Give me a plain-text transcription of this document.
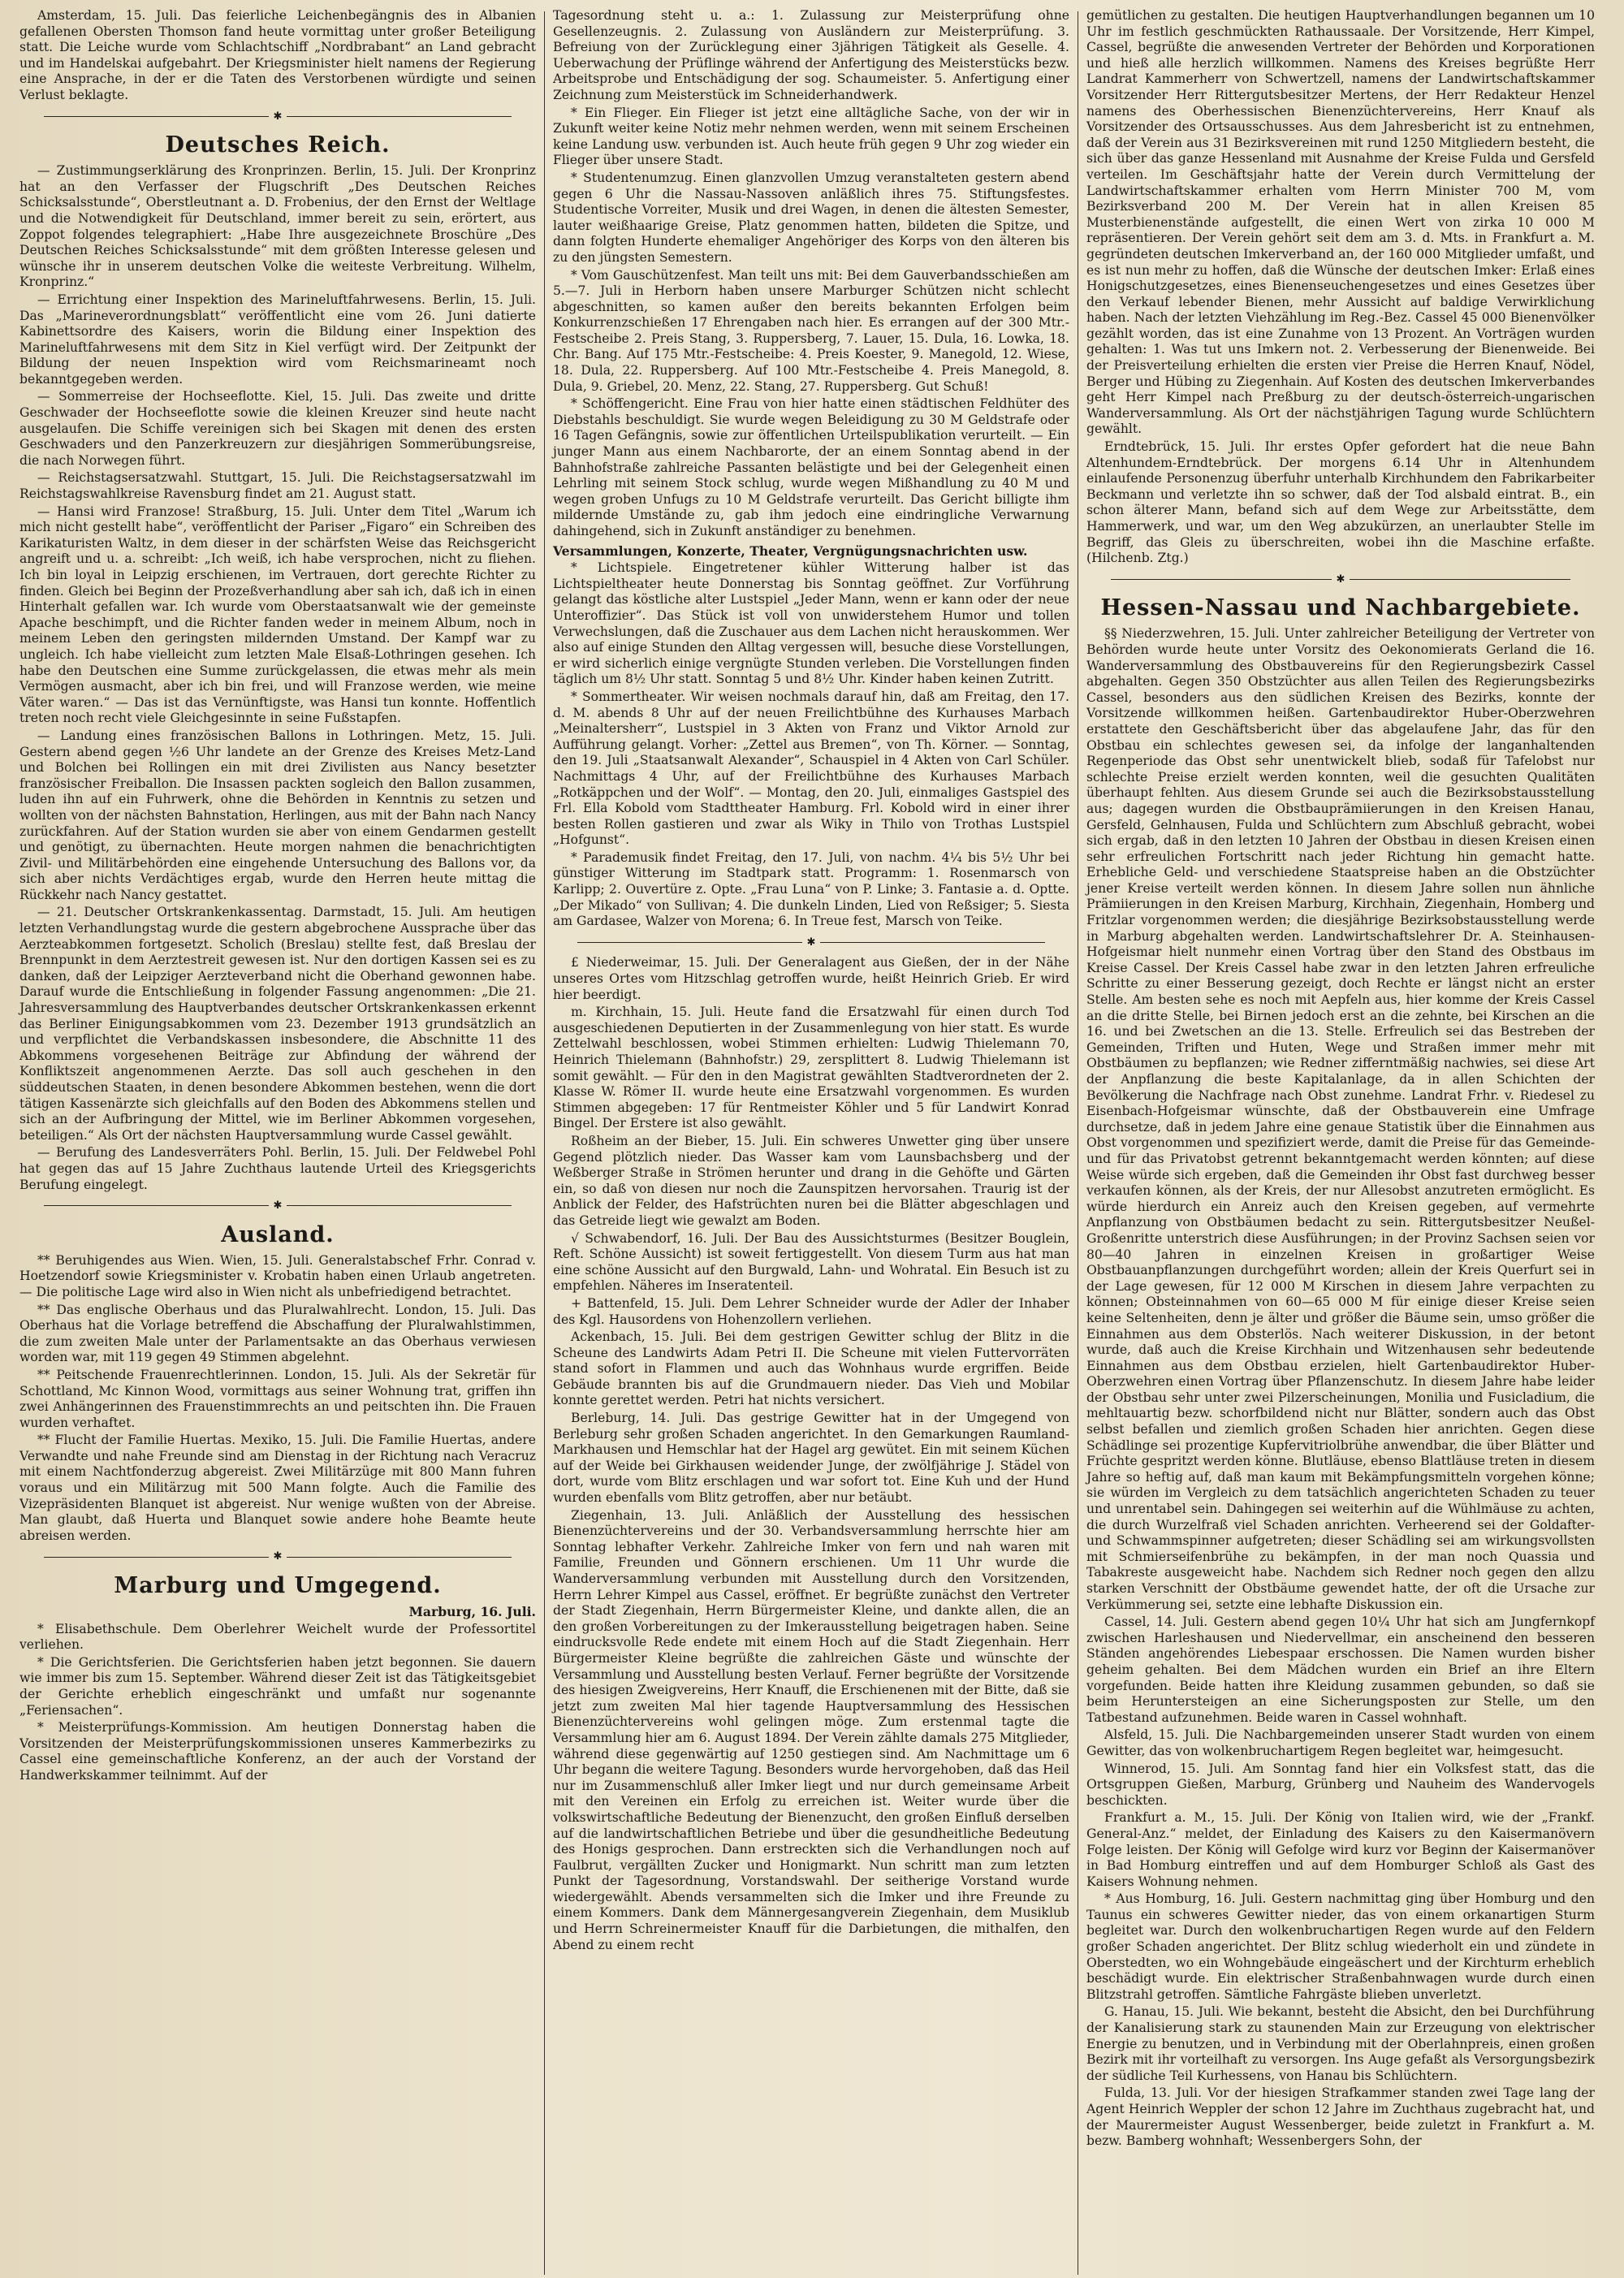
Amsterdam, 15. Juli. Das feierliche Leichenbegängnis des in Albanien gefallenen Obersten Thomson fand heute vormittag unter großer Beteiligung statt. Die Leiche wurde vom Schlachtschiff „Nordbrabant“ an Land gebracht und im Handelskai aufgebahrt. Der Kriegsminister hielt namens der Regierung eine Ansprache, in der er die Taten des Verstorbenen würdigte und seinen Verlust beklagte.

✱
Deutsches Reich.

— Zustimmungserklärung des Kronprinzen. Berlin, 15. Juli. Der Kronprinz hat an den Verfasser der Flugschrift „Des Deutschen Reiches Schicksalsstunde“, Oberstleutnant a. D. Frobenius, der den Ernst der Weltlage und die Notwendigkeit für Deutschland, immer bereit zu sein, erörtert, aus Zoppot folgendes telegraphiert: „Habe Ihre ausgezeichnete Broschüre „Des Deutschen Reiches Schicksalsstunde“ mit dem größten Interesse gelesen und wünsche ihr in unserem deutschen Volke die weiteste Verbreitung. Wilhelm, Kronprinz.“

— Errichtung einer Inspektion des Marineluftfahrwesens. Berlin, 15. Juli. Das „Marineverordnungsblatt“ veröffentlicht eine vom 26. Juni datierte Kabinettsordre des Kaisers, worin die Bildung einer Inspektion des Marineluftfahrwesens mit dem Sitz in Kiel verfügt wird. Der Zeitpunkt der Bildung der neuen Inspektion wird vom Reichsmarineamt noch bekanntgegeben werden.

— Sommerreise der Hochseeflotte. Kiel, 15. Juli. Das zweite und dritte Geschwader der Hochseeflotte sowie die kleinen Kreuzer sind heute nacht ausgelaufen. Die Schiffe vereinigen sich bei Skagen mit denen des ersten Geschwaders und den Panzerkreuzern zur diesjährigen Sommerübungsreise, die nach Norwegen führt.

— Reichstagsersatzwahl. Stuttgart, 15. Juli. Die Reichstagsersatzwahl im Reichstagswahlkreise Ravensburg findet am 21. August statt.

— Hansi wird Franzose! Straßburg, 15. Juli. Unter dem Titel „Warum ich mich nicht gestellt habe“, veröffentlicht der Pariser „Figaro“ ein Schreiben des Karikaturisten Waltz, in dem dieser in der schärfsten Weise das Reichsgericht angreift und u. a. schreibt: „Ich weiß, ich habe versprochen, nicht zu fliehen. Ich bin loyal in Leipzig erschienen, im Vertrauen, dort gerechte Richter zu finden. Gleich bei Beginn der Prozeßverhandlung aber sah ich, daß ich in einen Hinterhalt gefallen war. Ich wurde vom Oberstaatsanwalt wie der gemeinste Apache beschimpft, und die Richter fanden weder in meinem Album, noch in meinem Leben den geringsten mildernden Umstand. Der Kampf war zu ungleich. Ich habe vielleicht zum letzten Male Elsaß-Lothringen gesehen. Ich habe den Deutschen eine Summe zurückgelassen, die etwas mehr als mein Vermögen ausmacht, aber ich bin frei, und will Franzose werden, wie meine Väter waren.“ — Das ist das Vernünftigste, was Hansi tun konnte. Hoffentlich treten noch recht viele Gleichgesinnte in seine Fußstapfen.

— Landung eines französischen Ballons in Lothringen. Metz, 15. Juli. Gestern abend gegen ½6 Uhr landete an der Grenze des Kreises Metz-Land und Bolchen bei Rollingen ein mit drei Zivilisten aus Nancy besetzter französischer Freiballon. Die Insassen packten sogleich den Ballon zusammen, luden ihn auf ein Fuhrwerk, ohne die Behörden in Kenntnis zu setzen und wollten von der nächsten Bahnstation, Herlingen, aus mit der Bahn nach Nancy zurückfahren. Auf der Station wurden sie aber von einem Gendarmen gestellt und genötigt, zu übernachten. Heute morgen nahmen die benachrichtigten Zivil- und Militärbehörden eine eingehende Untersuchung des Ballons vor, da sich aber nichts Verdächtiges ergab, wurde den Herren heute mittag die Rückkehr nach Nancy gestattet.

— 21. Deutscher Ortskrankenkassentag. Darmstadt, 15. Juli. Am heutigen letzten Verhandlungstag wurde die gestern abgebrochene Aussprache über das Aerzteabkommen fortgesetzt. Scholich (Breslau) stellte fest, daß Breslau der Brennpunkt in dem Aerztestreit gewesen ist. Nur den dortigen Kassen sei es zu danken, daß der Leipziger Aerzteverband nicht die Oberhand gewonnen habe. Darauf wurde die Entschließung in folgender Fassung angenommen: „Die 21. Jahresversammlung des Hauptverbandes deutscher Ortskrankenkassen erkennt das Berliner Einigungsabkommen vom 23. Dezember 1913 grundsätzlich an und verpflichtet die Verbandskassen insbesondere, die Abschnitte 11 des Abkommens vorgesehenen Beiträge zur Abfindung der während der Konfliktszeit angenommenen Aerzte. Das soll auch geschehen in den süddeutschen Staaten, in denen besondere Abkommen bestehen, wenn die dort tätigen Kassenärzte sich gleichfalls auf den Boden des Abkommens stellen und sich an der Aufbringung der Mittel, wie im Berliner Abkommen vorgesehen, beteiligen.“ Als Ort der nächsten Hauptversammlung wurde Cassel gewählt.

— Berufung des Landesverräters Pohl. Berlin, 15. Juli. Der Feldwebel Pohl hat gegen das auf 15 Jahre Zuchthaus lautende Urteil des Kriegsgerichts Berufung eingelegt.

✱
Ausland.

** Beruhigendes aus Wien. Wien, 15. Juli. Generalstabschef Frhr. Conrad v. Hoetzendorf sowie Kriegsminister v. Krobatin haben einen Urlaub angetreten. — Die politische Lage wird also in Wien nicht als unbefriedigend betrachtet.

** Das englische Oberhaus und das Pluralwahlrecht. London, 15. Juli. Das Oberhaus hat die Vorlage betreffend die Abschaffung der Pluralwahlstimmen, die zum zweiten Male unter der Parlamentsakte an das Oberhaus verwiesen worden war, mit 119 gegen 49 Stimmen abgelehnt.

** Peitschende Frauenrechtlerinnen. London, 15. Juli. Als der Sekretär für Schottland, Mc Kinnon Wood, vormittags aus seiner Wohnung trat, griffen ihn zwei Anhängerinnen des Frauenstimmrechts an und peitschten ihn. Die Frauen wurden verhaftet.

** Flucht der Familie Huertas. Mexiko, 15. Juli. Die Familie Huertas, andere Verwandte und nahe Freunde sind am Dienstag in der Richtung nach Veracruz mit einem Nachtfonderzug abgereist. Zwei Militärzüge mit 800 Mann fuhren voraus und ein Militärzug mit 500 Mann folgte. Auch die Familie des Vizepräsidenten Blanquet ist abgereist. Nur wenige wußten von der Abreise. Man glaubt, daß Huerta und Blanquet sowie andere hohe Beamte heute abreisen werden.

✱
Marburg und Umgegend.
Marburg, 16. Juli.

* Elisabethschule. Dem Oberlehrer Weichelt wurde der Professortitel verliehen.

* Die Gerichtsferien. Die Gerichtsferien haben jetzt begonnen. Sie dauern wie immer bis zum 15. September. Während dieser Zeit ist das Tätigkeitsgebiet der Gerichte erheblich eingeschränkt und umfaßt nur sogenannte „Feriensachen“.

* Meisterprüfungs-Kommission. Am heutigen Donnerstag haben die Vorsitzenden der Meisterprüfungskommissionen unseres Kammerbezirks zu Cassel eine gemeinschaftliche Konferenz, an der auch der Vorstand der Handwerkskammer teilnimmt. Auf der

Tagesordnung steht u. a.: 1. Zulassung zur Meisterprüfung ohne Gesellenzeugnis. 2. Zulassung von Ausländern zur Meisterprüfung. 3. Befreiung von der Zurücklegung einer 3jährigen Tätigkeit als Geselle. 4. Ueberwachung der Prüflinge während der Anfertigung des Meisterstücks bezw. Arbeitsprobe und Entschädigung der sog. Schaumeister. 5. Anfertigung einer Zeichnung zum Meisterstück im Schneiderhandwerk.

* Ein Flieger. Ein Flieger ist jetzt eine alltägliche Sache, von der wir in Zukunft weiter keine Notiz mehr nehmen werden, wenn mit seinem Erscheinen keine Landung usw. verbunden ist. Auch heute früh gegen 9 Uhr zog wieder ein Flieger über unsere Stadt.

* Studentenumzug. Einen glanzvollen Umzug veranstalteten gestern abend gegen 6 Uhr die Nassau-Nassoven anläßlich ihres 75. Stiftungsfestes. Studentische Vorreiter, Musik und drei Wagen, in denen die ältesten Semester, lauter weißhaarige Greise, Platz genommen hatten, bildeten die Spitze, und dann folgten Hunderte ehemaliger Angehöriger des Korps von den älteren bis zu den jüngsten Semestern.

* Vom Gauschützenfest. Man teilt uns mit: Bei dem Gauverbandsschießen am 5.—7. Juli in Herborn haben unsere Marburger Schützen nicht schlecht abgeschnitten, so kamen außer den bereits bekannten Erfolgen beim Konkurrenzschießen 17 Ehrengaben nach hier. Es errangen auf der 300 Mtr.-Festscheibe 2. Preis Stang, 3. Ruppersberg, 7. Lauer, 15. Dula, 16. Lowka, 18. Chr. Bang. Auf 175 Mtr.-Festscheibe: 4. Preis Koester, 9. Manegold, 12. Wiese, 18. Dula, 22. Ruppersberg. Auf 100 Mtr.-Festscheibe 4. Preis Manegold, 8. Dula, 9. Griebel, 20. Menz, 22. Stang, 27. Ruppersberg. Gut Schuß!

* Schöffengericht. Eine Frau von hier hatte einen städtischen Feldhüter des Diebstahls beschuldigt. Sie wurde wegen Beleidigung zu 30 M Geldstrafe oder 16 Tagen Gefängnis, sowie zur öffentlichen Urteilspublikation verurteilt. — Ein junger Mann aus einem Nachbarorte, der an einem Sonntag abend in der Bahnhofstraße zahlreiche Passanten belästigte und bei der Gelegenheit einen Lehrling mit seinem Stock schlug, wurde wegen Mißhandlung zu 40 M und wegen groben Unfugs zu 10 M Geldstrafe verurteilt. Das Gericht billigte ihm mildernde Umstände zu, gab ihm jedoch eine eindringliche Verwarnung dahingehend, sich in Zukunft anständiger zu benehmen.

Versammlungen, Konzerte, Theater, Vergnügungsnachrichten usw.

* Lichtspiele. Eingetretener kühler Witterung halber ist das Lichtspieltheater heute Donnerstag bis Sonntag geöffnet. Zur Vorführung gelangt das köstliche alter Lustspiel „Jeder Mann, wenn er kann oder der neue Unteroffizier“. Das Stück ist voll von unwiderstehem Humor und tollen Verwechslungen, daß die Zuschauer aus dem Lachen nicht herauskommen. Wer also auf einige Stunden den Alltag vergessen will, besuche diese Vorstellungen, er wird sicherlich einige vergnügte Stunden verleben. Die Vorstellungen finden täglich um 8½ Uhr statt. Sonntag 5 und 8½ Uhr. Kinder haben keinen Zutritt.

* Sommertheater. Wir weisen nochmals darauf hin, daß am Freitag, den 17. d. M. abends 8 Uhr auf der neuen Freilichtbühne des Kurhauses Marbach „Meinaltersherr“, Lustspiel in 3 Akten von Franz und Viktor Arnold zur Aufführung gelangt. Vorher: „Zettel aus Bremen“, von Th. Körner. — Sonntag, den 19. Juli „Staatsanwalt Alexander“, Schauspiel in 4 Akten von Carl Schüler. Nachmittags 4 Uhr, auf der Freilichtbühne des Kurhauses Marbach „Rotkäppchen und der Wolf“. — Montag, den 20. Juli, einmaliges Gastspiel des Frl. Ella Kobold vom Stadttheater Hamburg. Frl. Kobold wird in einer ihrer besten Rollen gastieren und zwar als Wiky in Thilo von Trothas Lustspiel „Hofgunst“.

* Parademusik findet Freitag, den 17. Juli, von nachm. 4¼ bis 5½ Uhr bei günstiger Witterung im Stadtpark statt. Programm: 1. Rosenmarsch von Karlipp; 2. Ouvertüre z. Opte. „Frau Luna“ von P. Linke; 3. Fantasie a. d. Optte. „Der Mikado“ von Sullivan; 4. Die dunkeln Linden, Lied von Reßsiger; 5. Siesta am Gardasee, Walzer von Morena; 6. In Treue fest, Marsch von Teike.

✱

£ Niederweimar, 15. Juli. Der Generalagent aus Gießen, der in der Nähe unseres Ortes vom Hitzschlag getroffen wurde, heißt Heinrich Grieb. Er wird hier beerdigt.

m. Kirchhain, 15. Juli. Heute fand die Ersatzwahl für einen durch Tod ausgeschiedenen Deputierten in der Zusammenlegung von hier statt. Es wurde Zettelwahl beschlossen, wobei Stimmen erhielten: Ludwig Thielemann 70, Heinrich Thielemann (Bahnhofstr.) 29, zersplittert 8. Ludwig Thielemann ist somit gewählt. — Für den in den Magistrat gewählten Stadtverordneten der 2. Klasse W. Römer II. wurde heute eine Ersatzwahl vorgenommen. Es wurden Stimmen abgegeben: 17 für Rentmeister Köhler und 5 für Landwirt Konrad Bingel. Der Erstere ist also gewählt.

Roßheim an der Bieber, 15. Juli. Ein schweres Unwetter ging über unsere Gegend plötzlich nieder. Das Wasser kam vom Launsbachsberg und der Weßberger Straße in Strömen herunter und drang in die Gehöfte und Gärten ein, so daß von diesen nur noch die Zaunspitzen hervorsahen. Traurig ist der Anblick der Felder, des Hafstrüchten nuren bei die Blätter abgeschlagen und das Getreide liegt wie gewalzt am Boden.

√ Schwabendorf, 16. Juli. Der Bau des Aussichtsturmes (Besitzer Bouglein, Reft. Schöne Aussicht) ist soweit fertiggestellt. Von diesem Turm aus hat man eine schöne Aussicht auf den Burgwald, Lahn- und Wohratal. Ein Besuch ist zu empfehlen. Näheres im Inseratenteil.

+ Battenfeld, 15. Juli. Dem Lehrer Schneider wurde der Adler der Inhaber des Kgl. Hausordens von Hohenzollern verliehen.

Ackenbach, 15. Juli. Bei dem gestrigen Gewitter schlug der Blitz in die Scheune des Landwirts Adam Petri II. Die Scheune mit vielen Futtervorräten stand sofort in Flammen und auch das Wohnhaus wurde ergriffen. Beide Gebäude brannten bis auf die Grundmauern nieder. Das Vieh und Mobilar konnte gerettet werden. Petri hat nichts versichert.

Berleburg, 14. Juli. Das gestrige Gewitter hat in der Umgegend von Berleburg sehr großen Schaden angerichtet. In den Gemarkungen Raumland-Markhausen und Hemschlar hat der Hagel arg gewütet. Ein mit seinem Küchen auf der Weide bei Girkhausen weidender Junge, der zwölfjährige J. Städel von dort, wurde vom Blitz erschlagen und war sofort tot. Eine Kuh und der Hund wurden ebenfalls vom Blitz getroffen, aber nur betäubt.

Ziegenhain, 13. Juli. Anläßlich der Ausstellung des hessischen Bienenzüchtervereins und der 30. Verbandsversammlung herrschte hier am Sonntag lebhafter Verkehr. Zahlreiche Imker von fern und nah waren mit Familie, Freunden und Gönnern erschienen. Um 11 Uhr wurde die Wanderversammlung verbunden mit Ausstellung durch den Vorsitzenden, Herrn Lehrer Kimpel aus Cassel, eröffnet. Er begrüßte zunächst den Vertreter der Stadt Ziegenhain, Herrn Bürgermeister Kleine, und dankte allen, die an den großen Vorbereitungen zu der Imkerausstellung beigetragen haben. Seine eindrucksvolle Rede endete mit einem Hoch auf die Stadt Ziegenhain. Herr Bürgermeister Kleine begrüßte die zahlreichen Gäste und wünschte der Versammlung und Ausstellung besten Verlauf. Ferner begrüßte der Vorsitzende des hiesigen Zweigvereins, Herr Knauff, die Erschienenen mit der Bitte, daß sie jetzt zum zweiten Mal hier tagende Hauptversammlung des Hessischen Bienenzüchtervereins wohl gelingen möge. Zum erstenmal tagte die Versammlung hier am 6. August 1894. Der Verein zählte damals 275 Mitglieder, während diese gegenwärtig auf 1250 gestiegen sind. Am Nachmittage um 6 Uhr begann die weitere Tagung. Besonders wurde hervorgehoben, daß das Heil nur im Zusammenschluß aller Imker liegt und nur durch gemeinsame Arbeit mit den Vereinen ein Erfolg zu erreichen ist. Weiter wurde über die volkswirtschaftliche Bedeutung der Bienenzucht, den großen Einfluß derselben auf die landwirtschaftlichen Betriebe und über die gesundheitliche Bedeutung des Honigs gesprochen. Dann erstreckten sich die Verhandlungen noch auf Faulbrut, vergällten Zucker und Honigmarkt. Nun schritt man zum letzten Punkt der Tagesordnung, Vorstandswahl. Der seitherige Vorstand wurde wiedergewählt. Abends versammelten sich die Imker und ihre Freunde zu einem Kommers. Dank dem Männergesangverein Ziegenhain, dem Musiklub und Herrn Schreinermeister Knauff für die Darbietungen, die mithalfen, den Abend zu einem recht

gemütlichen zu gestalten. Die heutigen Hauptverhandlungen begannen um 10 Uhr im festlich geschmückten Rathaussaale. Der Vorsitzende, Herr Kimpel, Cassel, begrüßte die anwesenden Vertreter der Behörden und Korporationen und hieß alle herzlich willkommen. Namens des Kreises begrüßte Herr Landrat Kammerherr von Schwertzell, namens der Landwirtschaftskammer Vorsitzender Herr Rittergutsbesitzer Mertens, der Herr Redakteur Henzel namens des Oberhessischen Bienenzüchtervereins, Herr Knauf als Vorsitzender des Ortsausschusses. Aus dem Jahresbericht ist zu entnehmen, daß der Verein aus 31 Bezirksvereinen mit rund 1250 Mitgliedern besteht, die sich über das ganze Hessenland mit Ausnahme der Kreise Fulda und Gersfeld verteilen. Im Geschäftsjahr hatte der Verein durch Vermittelung der Landwirtschaftskammer erhalten vom Herrn Minister 700 M, vom Bezirksverband 200 M. Der Verein hat in allen Kreisen 85 Musterbienenstände aufgestellt, die einen Wert von zirka 10 000 M repräsentieren. Der Verein gehört seit dem am 3. d. Mts. in Frankfurt a. M. gegründeten deutschen Imkerverband an, der 160 000 Mitglieder umfaßt, und es ist nun mehr zu hoffen, daß die Wünsche der deutschen Imker: Erlaß eines Honigschutzgesetzes, eines Bienenseuchengesetzes und eines Gesetzes über den Verkauf lebender Bienen, mehr Aussicht auf baldige Verwirklichung haben. Nach der letzten Viehzählung im Reg.-Bez. Cassel 45 000 Bienenvölker gezählt worden, das ist eine Zunahme von 13 Prozent. An Vorträgen wurden gehalten: 1. Was tut uns Imkern not. 2. Verbesserung der Bienenweide. Bei der Preisverteilung erhielten die ersten vier Preise die Herren Knauf, Nödel, Berger und Hübing zu Ziegenhain. Auf Kosten des deutschen Imkerverbandes geht Herr Kimpel nach Preßburg zu der deutsch-österreich-ungarischen Wanderversammlung. Als Ort der nächstjährigen Tagung wurde Schlüchtern gewählt.

Erndtebrück, 15. Juli. Ihr erstes Opfer gefordert hat die neue Bahn Altenhundem-Erndtebrück. Der morgens 6.14 Uhr in Altenhundem einlaufende Personenzug überfuhr unterhalb Kirchhundem den Fabrikarbeiter Beckmann und verletzte ihn so schwer, daß der Tod alsbald eintrat. B., ein schon älterer Mann, befand sich auf dem Wege zur Arbeitsstätte, dem Hammerwerk, und war, um den Weg abzukürzen, an unerlaubter Stelle im Begriff, das Gleis zu überschreiten, wobei ihn die Maschine erfaßte. (Hilchenb. Ztg.)

✱
Hessen-Nassau und Nachbargebiete.

§§ Niederzwehren, 15. Juli. Unter zahlreicher Beteiligung der Vertreter von Behörden wurde heute unter Vorsitz des Oekonomierats Gerland die 16. Wanderversammlung des Obstbauvereins für den Regierungsbezirk Cassel abgehalten. Gegen 350 Obstzüchter aus allen Teilen des Regierungsbezirks Cassel, besonders aus den südlichen Kreisen des Bezirks, konnte der Vorsitzende willkommen heißen. Gartenbaudirektor Huber-Oberzwehren erstattete den Geschäftsbericht über das abgelaufene Jahr, das für den Obstbau ein schlechtes gewesen sei, da infolge der langanhaltenden Regenperiode das Obst sehr unentwickelt blieb, sodaß für Tafelobst nur schlechte Preise erzielt werden konnten, weil die gesuchten Qualitäten überhaupt fehlten. Aus diesem Grunde sei auch die Bezirksobstausstellung aus; dagegen wurden die Obstbauprämiierungen in den Kreisen Hanau, Gersfeld, Gelnhausen, Fulda und Schlüchtern zum Abschluß gebracht, wobei sich ergab, daß in den letzten 10 Jahren der Obstbau in diesen Kreisen einen sehr erfreulichen Fortschritt nach jeder Richtung hin gemacht hatte. Erhebliche Geld- und verschiedene Staatspreise haben an die Obstzüchter jener Kreise verteilt werden können. In diesem Jahre sollen nun ähnliche Prämiierungen in den Kreisen Marburg, Kirchhain, Ziegenhain, Homberg und Fritzlar vorgenommen werden; die diesjährige Bezirksobstausstellung werde in Marburg abgehalten werden. Landwirtschaftslehrer Dr. A. Steinhausen-Hofgeismar hielt nunmehr einen Vortrag über den Stand des Obstbaus im Kreise Cassel. Der Kreis Cassel habe zwar in den letzten Jahren erfreuliche Schritte zu einer Besserung gezeigt, doch Rechte er längst nicht an erster Stelle. Am besten sehe es noch mit Aepfeln aus, hier komme der Kreis Cassel an die dritte Stelle, bei Birnen jedoch erst an die zehnte, bei Kirschen an die 16. und bei Zwetschen an die 13. Stelle. Erfreulich sei das Bestreben der Gemeinden, Triften und Huten, Wege und Straßen immer mehr mit Obstbäumen zu bepflanzen; wie Redner zifferntmäßig nachwies, sei diese Art der Anpflanzung die beste Kapitalanlage, da in allen Schichten der Bevölkerung die Nachfrage nach Obst zunehme. Landrat Frhr. v. Riedesel zu Eisenbach-Hofgeismar wünschte, daß der Obstbauverein eine Umfrage durchsetze, daß in jedem Jahre eine genaue Statistik über die Einnahmen aus Obst vorgenommen und spezifiziert werde, damit die Preise für das Gemeinde- und für das Privatobst getrennt bekanntgemacht werden könnten; auf diese Weise würde sich ergeben, daß die Gemeinden ihr Obst fast durchweg besser verkaufen können, als der Kreis, der nur Allesobst anzutreten ermöglicht. Es würde hierdurch ein Anreiz auch den Kreisen gegeben, auf vermehrte Anpflanzung von Obstbäumen bedacht zu sein. Rittergutsbesitzer Neußel-Großenritte unterstrich diese Ausführungen; in der Provinz Sachsen seien vor 80—40 Jahren in einzelnen Kreisen in großartiger Weise Obstbauanpflanzungen durchgeführt worden; allein der Kreis Querfurt sei in der Lage gewesen, für 12 000 M Kirschen in diesem Jahre verpachten zu können; Obsteinnahmen von 60—65 000 M für einige dieser Kreise seien keine Seltenheiten, denn je älter und größer die Bäume sein, umso größer die Einnahmen aus dem Obsterlös. Nach weiterer Diskussion, in der betont wurde, daß auch die Kreise Kirchhain und Witzenhausen sehr bedeutende Einnahmen aus dem Obstbau erzielen, hielt Gartenbaudirektor Huber-Oberzwehren einen Vortrag über Pflanzenschutz. In diesem Jahre habe leider der Obstbau sehr unter zwei Pilzerscheinungen, Monilia und Fusicladium, die mehltauartig bezw. schorfbildend nicht nur Blätter, sondern auch das Obst selbst befallen und ziemlich großen Schaden hier anrichten. Gegen diese Schädlinge sei prozentige Kupfervitriolbrühe anwendbar, die über Blätter und Früchte gespritzt werden könne. Blutläuse, ebenso Blattläuse treten in diesem Jahre so heftig auf, daß man kaum mit Bekämpfungsmitteln vorgehen könne; sie würden im Vergleich zu dem tatsächlich angerichteten Schaden zu teuer und unrentabel sein. Dahingegen sei weiterhin auf die Wühlmäuse zu achten, die durch Wurzelfraß viel Schaden anrichten. Verheerend sei der Goldafter- und Schwammspinner aufgetreten; dieser Schädling sei am wirkungsvollsten mit Schmierseifenbrühe zu bekämpfen, in der man noch Quassia und Tabakreste ausgeweicht habe. Nachdem sich Redner noch gegen den allzu starken Verschnitt der Obstbäume gewendet hatte, der oft die Ursache zur Verkümmerung sei, setzte eine lebhafte Diskussion ein.

Cassel, 14. Juli. Gestern abend gegen 10¼ Uhr hat sich am Jungfernkopf zwischen Harleshausen und Niedervellmar, ein anscheinend den besseren Ständen angehörendes Liebespaar erschossen. Die Namen wurden bisher geheim gehalten. Bei dem Mädchen wurden ein Brief an ihre Eltern vorgefunden. Beide hatten ihre Kleidung zusammen gebunden, so daß sie beim Heruntersteigen an eine Sicherungsposten zur Stelle, um den Tatbestand aufzunehmen. Beide waren in Cassel wohnhaft.

Alsfeld, 15. Juli. Die Nachbargemeinden unserer Stadt wurden von einem Gewitter, das von wolkenbruchartigem Regen begleitet war, heimgesucht.

Winnerod, 15. Juli. Am Sonntag fand hier ein Volksfest statt, das die Ortsgruppen Gießen, Marburg, Grünberg und Nauheim des Wandervogels beschickten.

Frankfurt a. M., 15. Juli. Der König von Italien wird, wie der „Frankf. General-Anz.“ meldet, der Einladung des Kaisers zu den Kaisermanövern Folge leisten. Der König will Gefolge wird kurz vor Beginn der Kaisermanöver in Bad Homburg eintreffen und auf dem Homburger Schloß als Gast des Kaisers Wohnung nehmen.

* Aus Homburg, 16. Juli. Gestern nachmittag ging über Homburg und den Taunus ein schweres Gewitter nieder, das von einem orkanartigen Sturm begleitet war. Durch den wolkenbruchartigen Regen wurde auf den Feldern großer Schaden angerichtet. Der Blitz schlug wiederholt ein und zündete in Oberstedten, wo ein Wohngebäude eingeäschert und der Kirchturm erheblich beschädigt wurde. Ein elektrischer Straßenbahnwagen wurde durch einen Blitzstrahl getroffen. Sämtliche Fahrgäste blieben unverletzt.

G. Hanau, 15. Juli. Wie bekannt, besteht die Absicht, den bei Durchführung der Kanalisierung stark zu staunenden Main zur Erzeugung von elektrischer Energie zu benutzen, und in Verbindung mit der Oberlahnpreis, einen großen Bezirk mit ihr vorteilhaft zu versorgen. Ins Auge gefaßt als Versorgungsbezirk der südliche Teil Kurhessens, von Hanau bis Schlüchtern.

Fulda, 13. Juli. Vor der hiesigen Strafkammer standen zwei Tage lang der Agent Heinrich Weppler der schon 12 Jahre im Zuchthaus zugebracht hat, und der Maurermeister August Wessenberger, beide zuletzt in Frankfurt a. M. bezw. Bamberg wohnhaft; Wessenbergers Sohn, der
